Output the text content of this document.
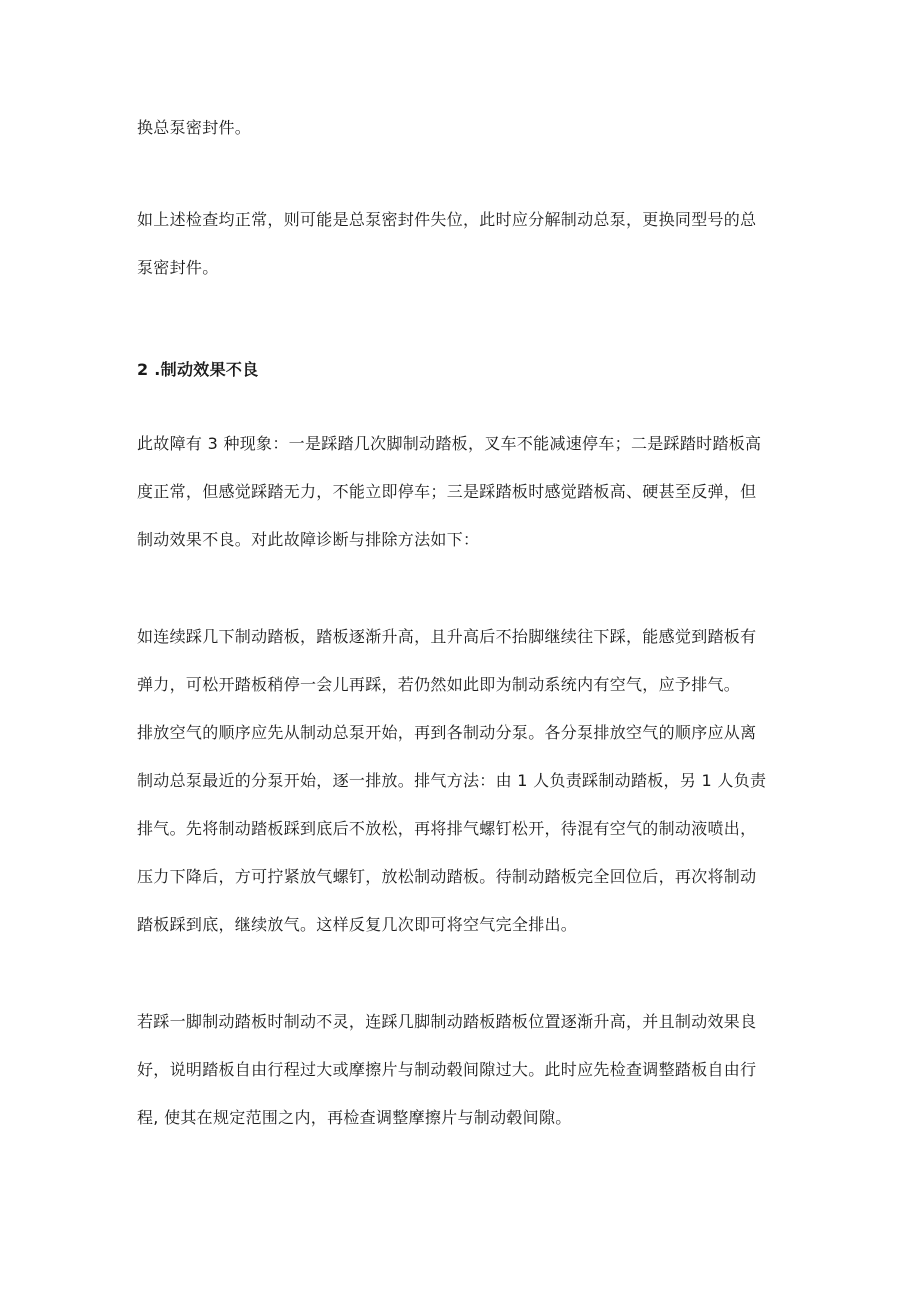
换总泵密封件。
如上述检查均正常，则可能是总泵密封件失位，此时应分解制动总泵，更换同型号的总
泵密封件。
2 .制动效果不良
此故障有 3 种现象：一是踩踏几次脚制动踏板，叉车不能减速停车；二是踩踏时踏板高
度正常，但感觉踩踏无力，不能立即停车；三是踩踏板时感觉踏板高、硬甚至反弹，但
制动效果不良。对此故障诊断与排除方法如下：
如连续踩几下制动踏板，踏板逐渐升高，且升高后不抬脚继续往下踩，能感觉到踏板有
弹力，可松开踏板稍停一会儿再踩，若仍然如此即为制动系统内有空气，应予排气。
排放空气的顺序应先从制动总泵开始，再到各制动分泵。各分泵排放空气的顺序应从离
制动总泵最近的分泵开始，逐一排放。排气方法：由 1 人负责踩制动踏板，另 1 人负责
排气。先将制动踏板踩到底后不放松，再将排气螺钉松开，待混有空气的制动液喷出，
压力下降后，方可拧紧放气螺钉，放松制动踏板。待制动踏板完全回位后，再次将制动
踏板踩到底，继续放气。这样反复几次即可将空气完全排出。
若踩一脚制动踏板时制动不灵，连踩几脚制动踏板踏板位置逐渐升高，并且制动效果良
好，说明踏板自由行程过大或摩擦片与制动毂间隙过大。此时应先检查调整踏板自由行
程, 使其在规定范围之内，再检查调整摩擦片与制动毂间隙。
